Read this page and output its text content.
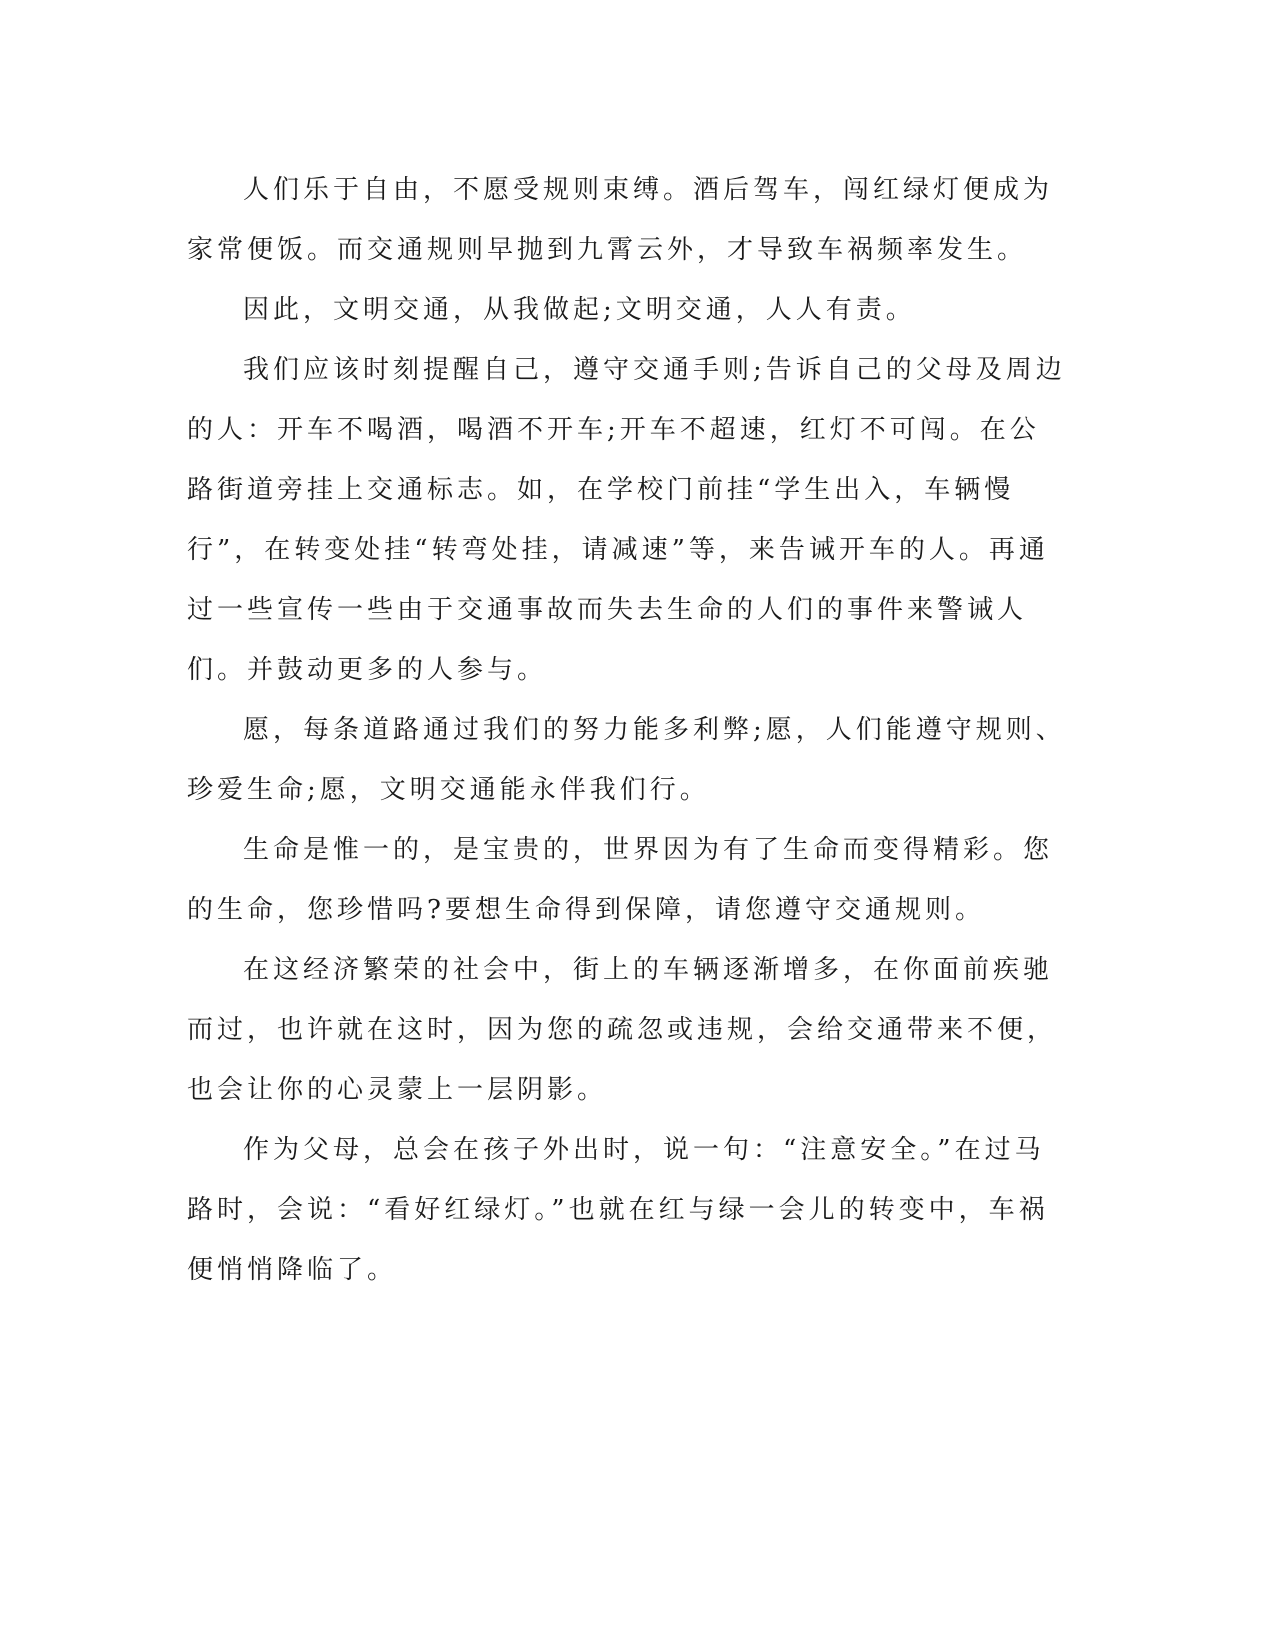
人们乐于自由，不愿受规则束缚。酒后驾车，闯红绿灯便成为家常便饭。而交通规则早抛到九霄云外，才导致车祸频率发生。

因此，文明交通，从我做起;文明交通，人人有责。

我们应该时刻提醒自己，遵守交通手则;告诉自己的父母及周边的人：开车不喝酒，喝酒不开车;开车不超速，红灯不可闯。在公路街道旁挂上交通标志。如，在学校门前挂“学生出入，车辆慢行”，在转变处挂“转弯处挂，请减速”等，来告诫开车的人。再通过一些宣传一些由于交通事故而失去生命的人们的事件来警诫人们。并鼓动更多的人参与。

愿，每条道路通过我们的努力能多利弊;愿，人们能遵守规则、珍爱生命;愿，文明交通能永伴我们行。

生命是惟一的，是宝贵的，世界因为有了生命而变得精彩。您的生命，您珍惜吗?要想生命得到保障，请您遵守交通规则。

在这经济繁荣的社会中，街上的车辆逐渐增多，在你面前疾驰而过，也许就在这时，因为您的疏忽或违规，会给交通带来不便，也会让你的心灵蒙上一层阴影。

作为父母，总会在孩子外出时，说一句：“注意安全。”在过马路时，会说：“看好红绿灯。”也就在红与绿一会儿的转变中，车祸便悄悄降临了。
